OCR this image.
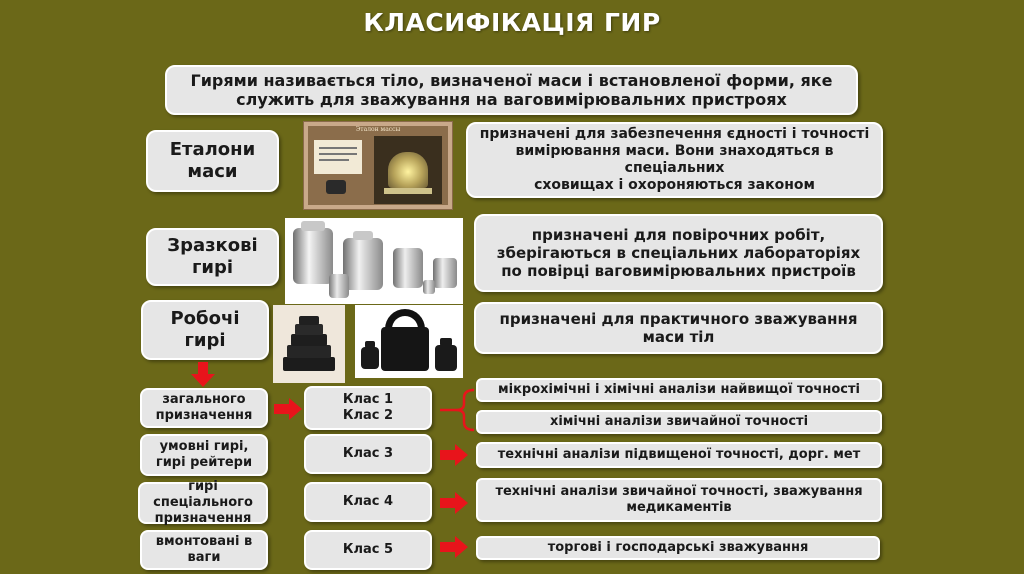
КЛАСИФІКАЦІЯ ГИР
Гирями називається тіло, визначеної маси і встановленої форми, яке
служить для зважування на ваговимірювальних пристроях
Еталони
маси
Зразкові
гирі
Робочі
гирі
призначені для забезпечення єдності і точності
вимірювання маси. Вони знаходяться в спеціальних
сховищах і охороняються законом
призначені для повірочних робіт,
зберігаються в спеціальних лабораторіях
по повірці ваговимірювальних пристроїв
призначені для практичного зважування
маси тіл
Эталон массы
загального
призначення
умовні гирі,
гирі рейтери
гирі спеціального
призначення
вмонтовані в
ваги
Клас 1
Клас 2
Клас 3
Клас 4
Клас 5
мікрохімічні і хімічні аналізи найвищої точності
хімічні аналізи звичайної точності
технічні аналізи підвищеної точності, дорг. мет
технічні аналізи звичайної точності, зважування
медикаментів
торгові і господарські зважування
